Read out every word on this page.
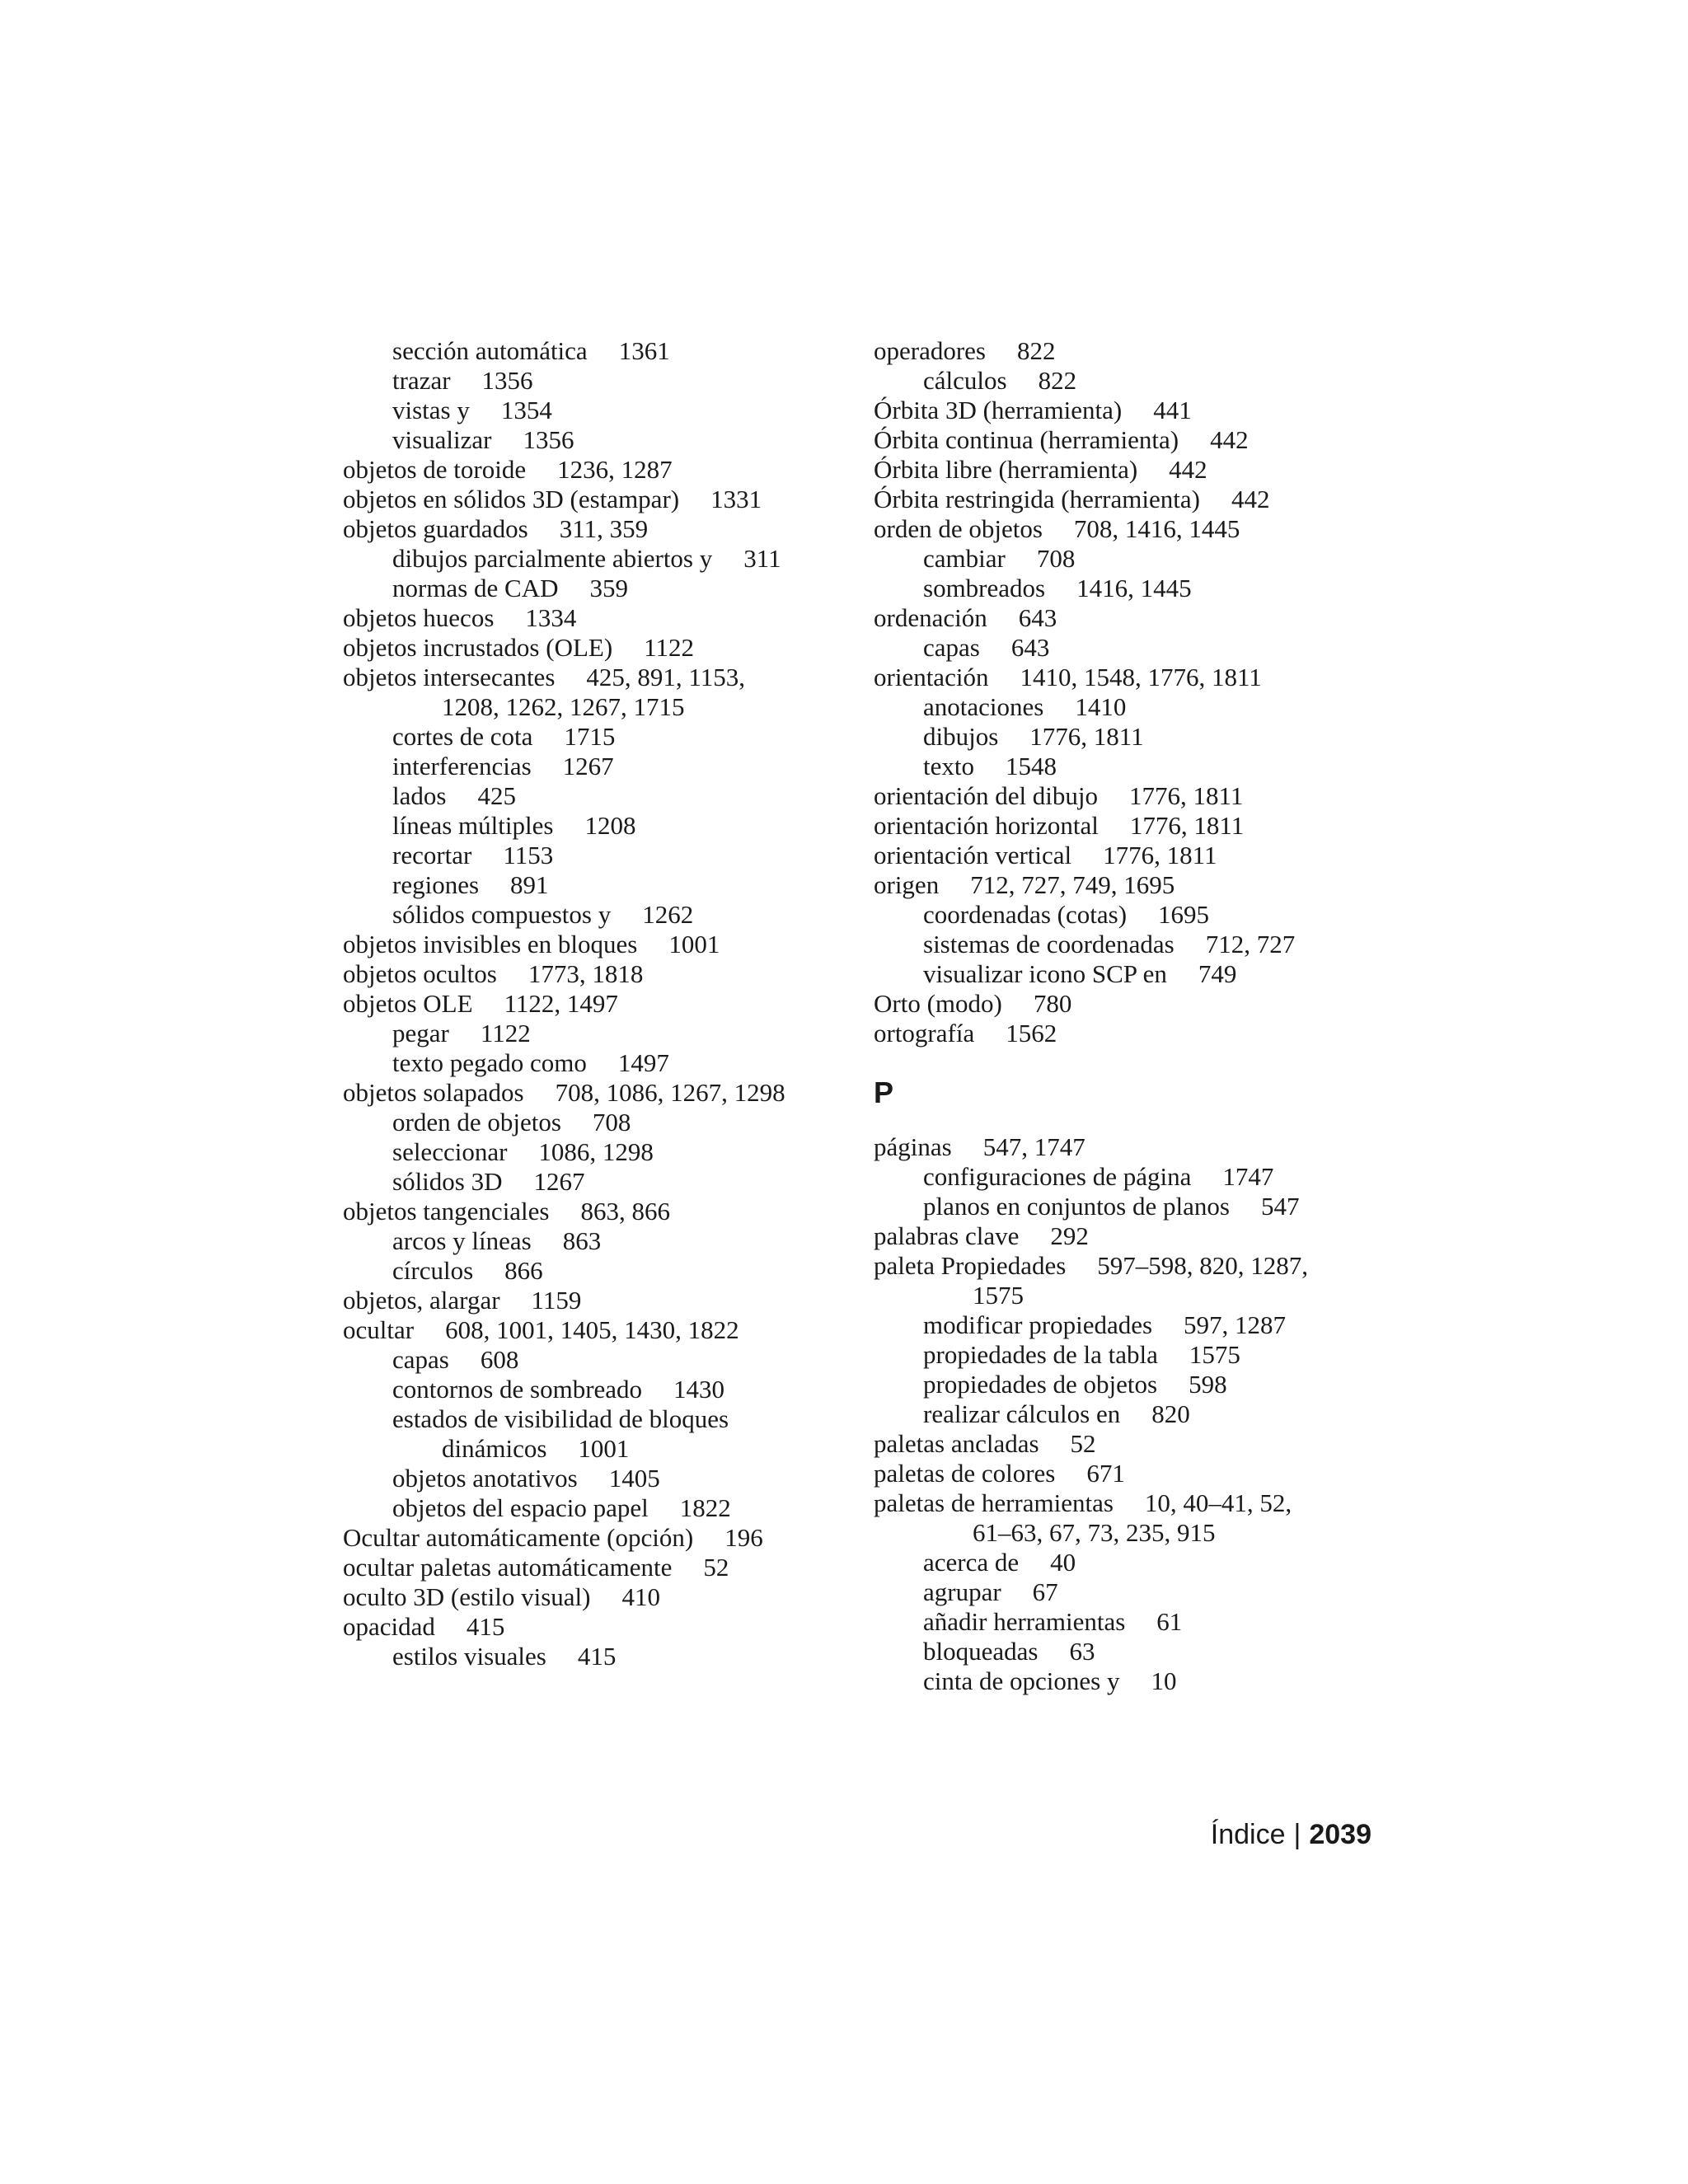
sección automática 1361
trazar 1356
vistas y 1354
visualizar 1356
objetos de toroide 1236, 1287
objetos en sólidos 3D (estampar) 1331
objetos guardados 311, 359
dibujos parcialmente abiertos y 311
normas de CAD 359
objetos huecos 1334
objetos incrustados (OLE) 1122
objetos intersecantes 425, 891, 1153,
1208, 1262, 1267, 1715
cortes de cota 1715
interferencias 1267
lados 425
líneas múltiples 1208
recortar 1153
regiones 891
sólidos compuestos y 1262
objetos invisibles en bloques 1001
objetos ocultos 1773, 1818
objetos OLE 1122, 1497
pegar 1122
texto pegado como 1497
objetos solapados 708, 1086, 1267, 1298
orden de objetos 708
seleccionar 1086, 1298
sólidos 3D 1267
objetos tangenciales 863, 866
arcos y líneas 863
círculos 866
objetos, alargar 1159
ocultar 608, 1001, 1405, 1430, 1822
capas 608
contornos de sombreado 1430
estados de visibilidad de bloques
dinámicos 1001
objetos anotativos 1405
objetos del espacio papel 1822
Ocultar automáticamente (opción) 196
ocultar paletas automáticamente 52
oculto 3D (estilo visual) 410
opacidad 415
estilos visuales 415
operadores 822
cálculos 822
Órbita 3D (herramienta) 441
Órbita continua (herramienta) 442
Órbita libre (herramienta) 442
Órbita restringida (herramienta) 442
orden de objetos 708, 1416, 1445
cambiar 708
sombreados 1416, 1445
ordenación 643
capas 643
orientación 1410, 1548, 1776, 1811
anotaciones 1410
dibujos 1776, 1811
texto 1548
orientación del dibujo 1776, 1811
orientación horizontal 1776, 1811
orientación vertical 1776, 1811
origen 712, 727, 749, 1695
coordenadas (cotas) 1695
sistemas de coordenadas 712, 727
visualizar icono SCP en 749
Orto (modo) 780
ortografía 1562
P
páginas 547, 1747
configuraciones de página 1747
planos en conjuntos de planos 547
palabras clave 292
paleta Propiedades 597–598, 820, 1287,
1575
modificar propiedades 597, 1287
propiedades de la tabla 1575
propiedades de objetos 598
realizar cálculos en 820
paletas ancladas 52
paletas de colores 671
paletas de herramientas 10, 40–41, 52,
61–63, 67, 73, 235, 915
acerca de 40
agrupar 67
añadir herramientas 61
bloqueadas 63
cinta de opciones y 10
Índice | 2039
